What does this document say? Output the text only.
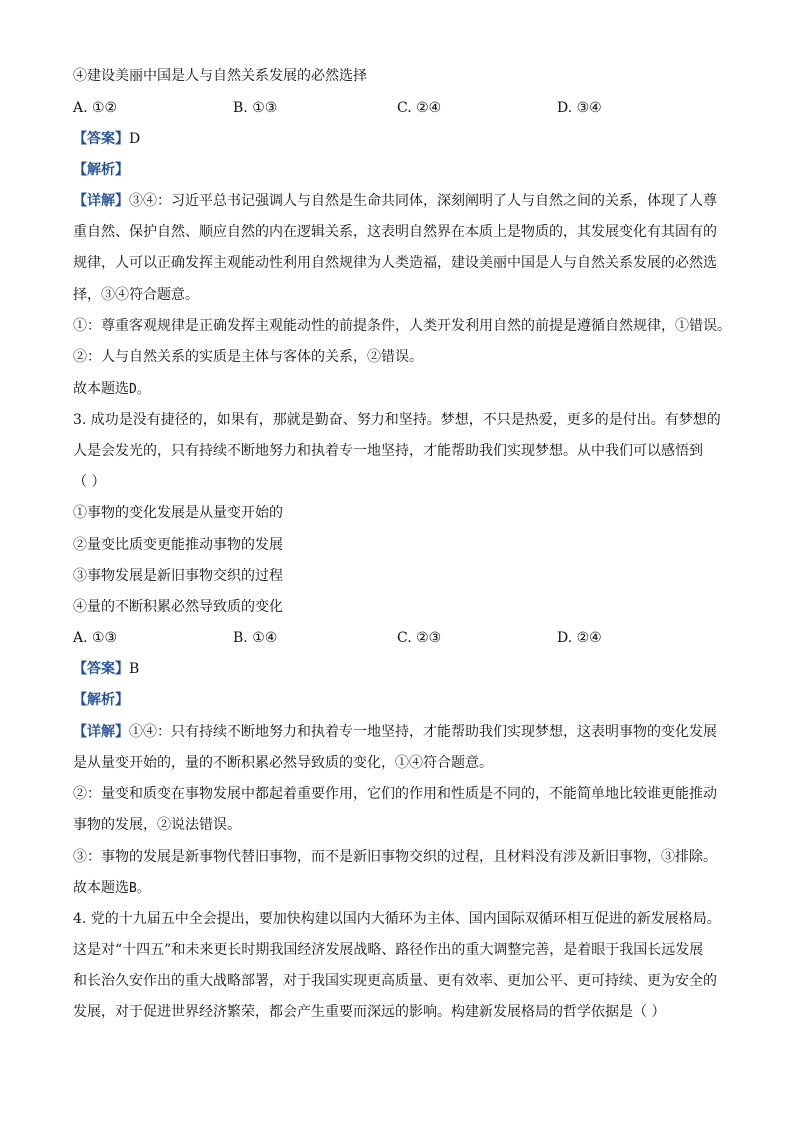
④建设美丽中国是人与自然关系发展的必然选择
A. ①②	B. ①③	C. ②④	D. ③④
【答案】D
【解析】
【详解】③④：习近平总书记强调人与自然是生命共同体，深刻阐明了人与自然之间的关系，体现了人尊
重自然、保护自然、顺应自然的内在逻辑关系，这表明自然界在本质上是物质的，其发展变化有其固有的
规律，人可以正确发挥主观能动性利用自然规律为人类造福，建设美丽中国是人与自然关系发展的必然选
择，③④符合题意。
①：尊重客观规律是正确发挥主观能动性的前提条件，人类开发利用自然的前提是遵循自然规律，①错误。
②：人与自然关系的实质是主体与客体的关系，②错误。
故本题选D。
3. 成功是没有捷径的，如果有，那就是勤奋、努力和坚持。梦想，不只是热爱，更多的是付出。有梦想的
人是会发光的，只有持续不断地努力和执着专一地坚持，才能帮助我们实现梦想。从中我们可以感悟到
（ ）
①事物的变化发展是从量变开始的
②量变比质变更能推动事物的发展
③事物发展是新旧事物交织的过程
④量的不断积累必然导致质的变化
A. ①③	B. ①④	C. ②③	D. ②④
【答案】B
【解析】
【详解】①④：只有持续不断地努力和执着专一地坚持，才能帮助我们实现梦想，这表明事物的变化发展
是从量变开始的，量的不断积累必然导致质的变化，①④符合题意。
②：量变和质变在事物发展中都起着重要作用，它们的作用和性质是不同的，不能简单地比较谁更能推动
事物的发展，②说法错误。
③：事物的发展是新事物代替旧事物，而不是新旧事物交织的过程，且材料没有涉及新旧事物，③排除。
故本题选B。
4. 党的十九届五中全会提出，要加快构建以国内大循环为主体、国内国际双循环相互促进的新发展格局。
这是对“十四五”和未来更长时期我国经济发展战略、路径作出的重大调整完善，是着眼于我国长远发展
和长治久安作出的重大战略部署，对于我国实现更高质量、更有效率、更加公平、更可持续、更为安全的
发展，对于促进世界经济繁荣，都会产生重要而深远的影响。构建新发展格局的哲学依据是（ ）
